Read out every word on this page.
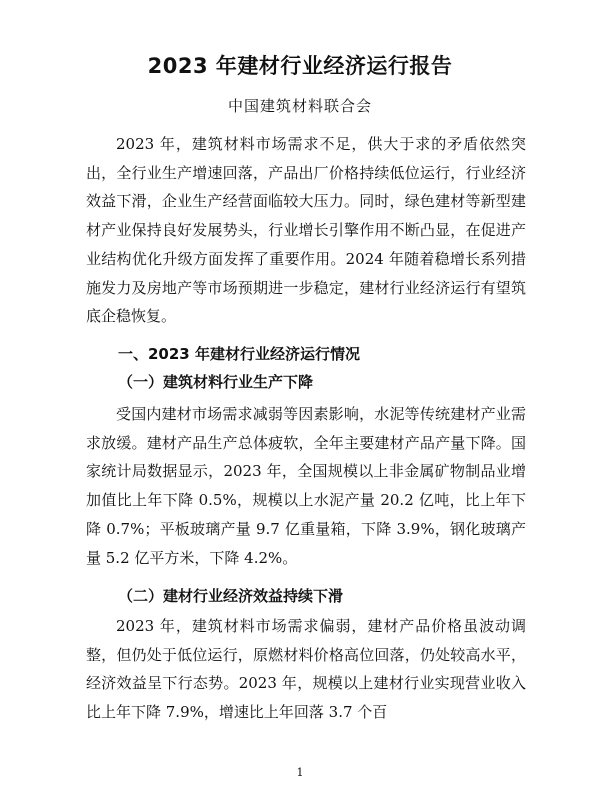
2023 年建材行业经济运行报告
中国建筑材料联合会
2023 年，建筑材料市场需求不足，供大于求的矛盾依然突出，全行业生产增速回落，产品出厂价格持续低位运行，行业经济效益下滑，企业生产经营面临较大压力。同时，绿色建材等新型建材产业保持良好发展势头，行业增长引擎作用不断凸显，在促进产业结构优化升级方面发挥了重要作用。2024 年随着稳增长系列措施发力及房地产等市场预期进一步稳定，建材行业经济运行有望筑底企稳恢复。
一、2023 年建材行业经济运行情况
（一）建筑材料行业生产下降
受国内建材市场需求减弱等因素影响，水泥等传统建材产业需求放缓。建材产品生产总体疲软，全年主要建材产品产量下降。国家统计局数据显示，2023 年，全国规模以上非金属矿物制品业增加值比上年下降 0.5%，规模以上水泥产量 20.2 亿吨，比上年下降 0.7%；平板玻璃产量 9.7 亿重量箱，下降 3.9%，钢化玻璃产量 5.2 亿平方米，下降 4.2%。
（二）建材行业经济效益持续下滑
2023 年，建筑材料市场需求偏弱，建材产品价格虽波动调整，但仍处于低位运行，原燃材料价格高位回落，仍处较高水平，经济效益呈下行态势。2023 年，规模以上建材行业实现营业收入比上年下降 7.9%，增速比上年回落 3.7 个百
1
